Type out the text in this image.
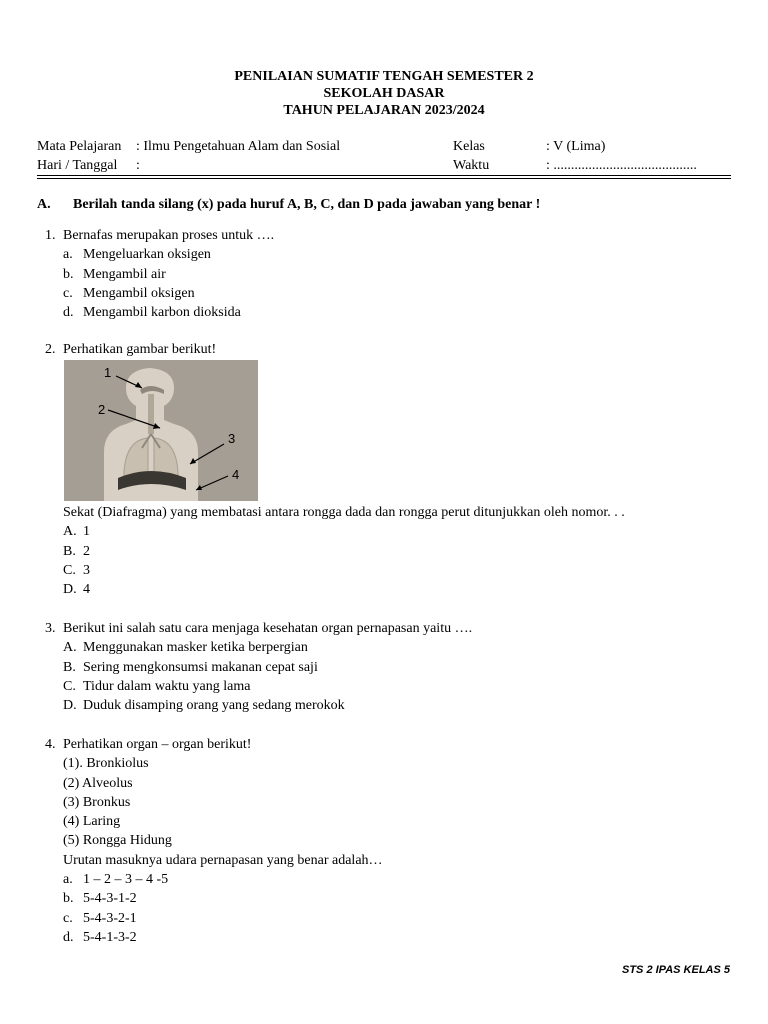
PENILAIAN SUMATIF TENGAH SEMESTER 2
SEKOLAH DASAR
TAHUN PELAJARAN 2023/2024
Mata Pelajaran : Ilmu Pengetahuan Alam dan Sosial	Kelas	: V (Lima)
Hari / Tanggal :	Waktu	: .........................................
A. Berilah tanda silang (x) pada huruf A, B, C, dan D pada jawaban yang benar !
1. Bernafas merupakan proses untuk ….
a. Mengeluarkan oksigen
b. Mengambil air
c. Mengambil oksigen
d. Mengambil karbon dioksida
2. Perhatikan gambar berikut!
1
2
3
4
Sekat (Diafragma) yang membatasi antara rongga dada dan rongga perut ditunjukkan oleh nomor. . .
A. 1
B. 2
C. 3
D. 4
3. Berikut ini salah satu cara menjaga kesehatan organ pernapasan yaitu ….
A. Menggunakan masker ketika berpergian
B. Sering mengkonsumsi makanan cepat saji
C. Tidur dalam waktu yang lama
D. Duduk disamping orang yang sedang merokok
4. Perhatikan organ – organ berikut!
(1). Bronkiolus
(2) Alveolus
(3) Bronkus
(4) Laring
(5) Rongga Hidung
Urutan masuknya udara pernapasan yang benar adalah…
a. 1 – 2 – 3 – 4 -5
b. 5-4-3-1-2
c. 5-4-3-2-1
d. 5-4-1-3-2
STS 2 IPAS KELAS 5
